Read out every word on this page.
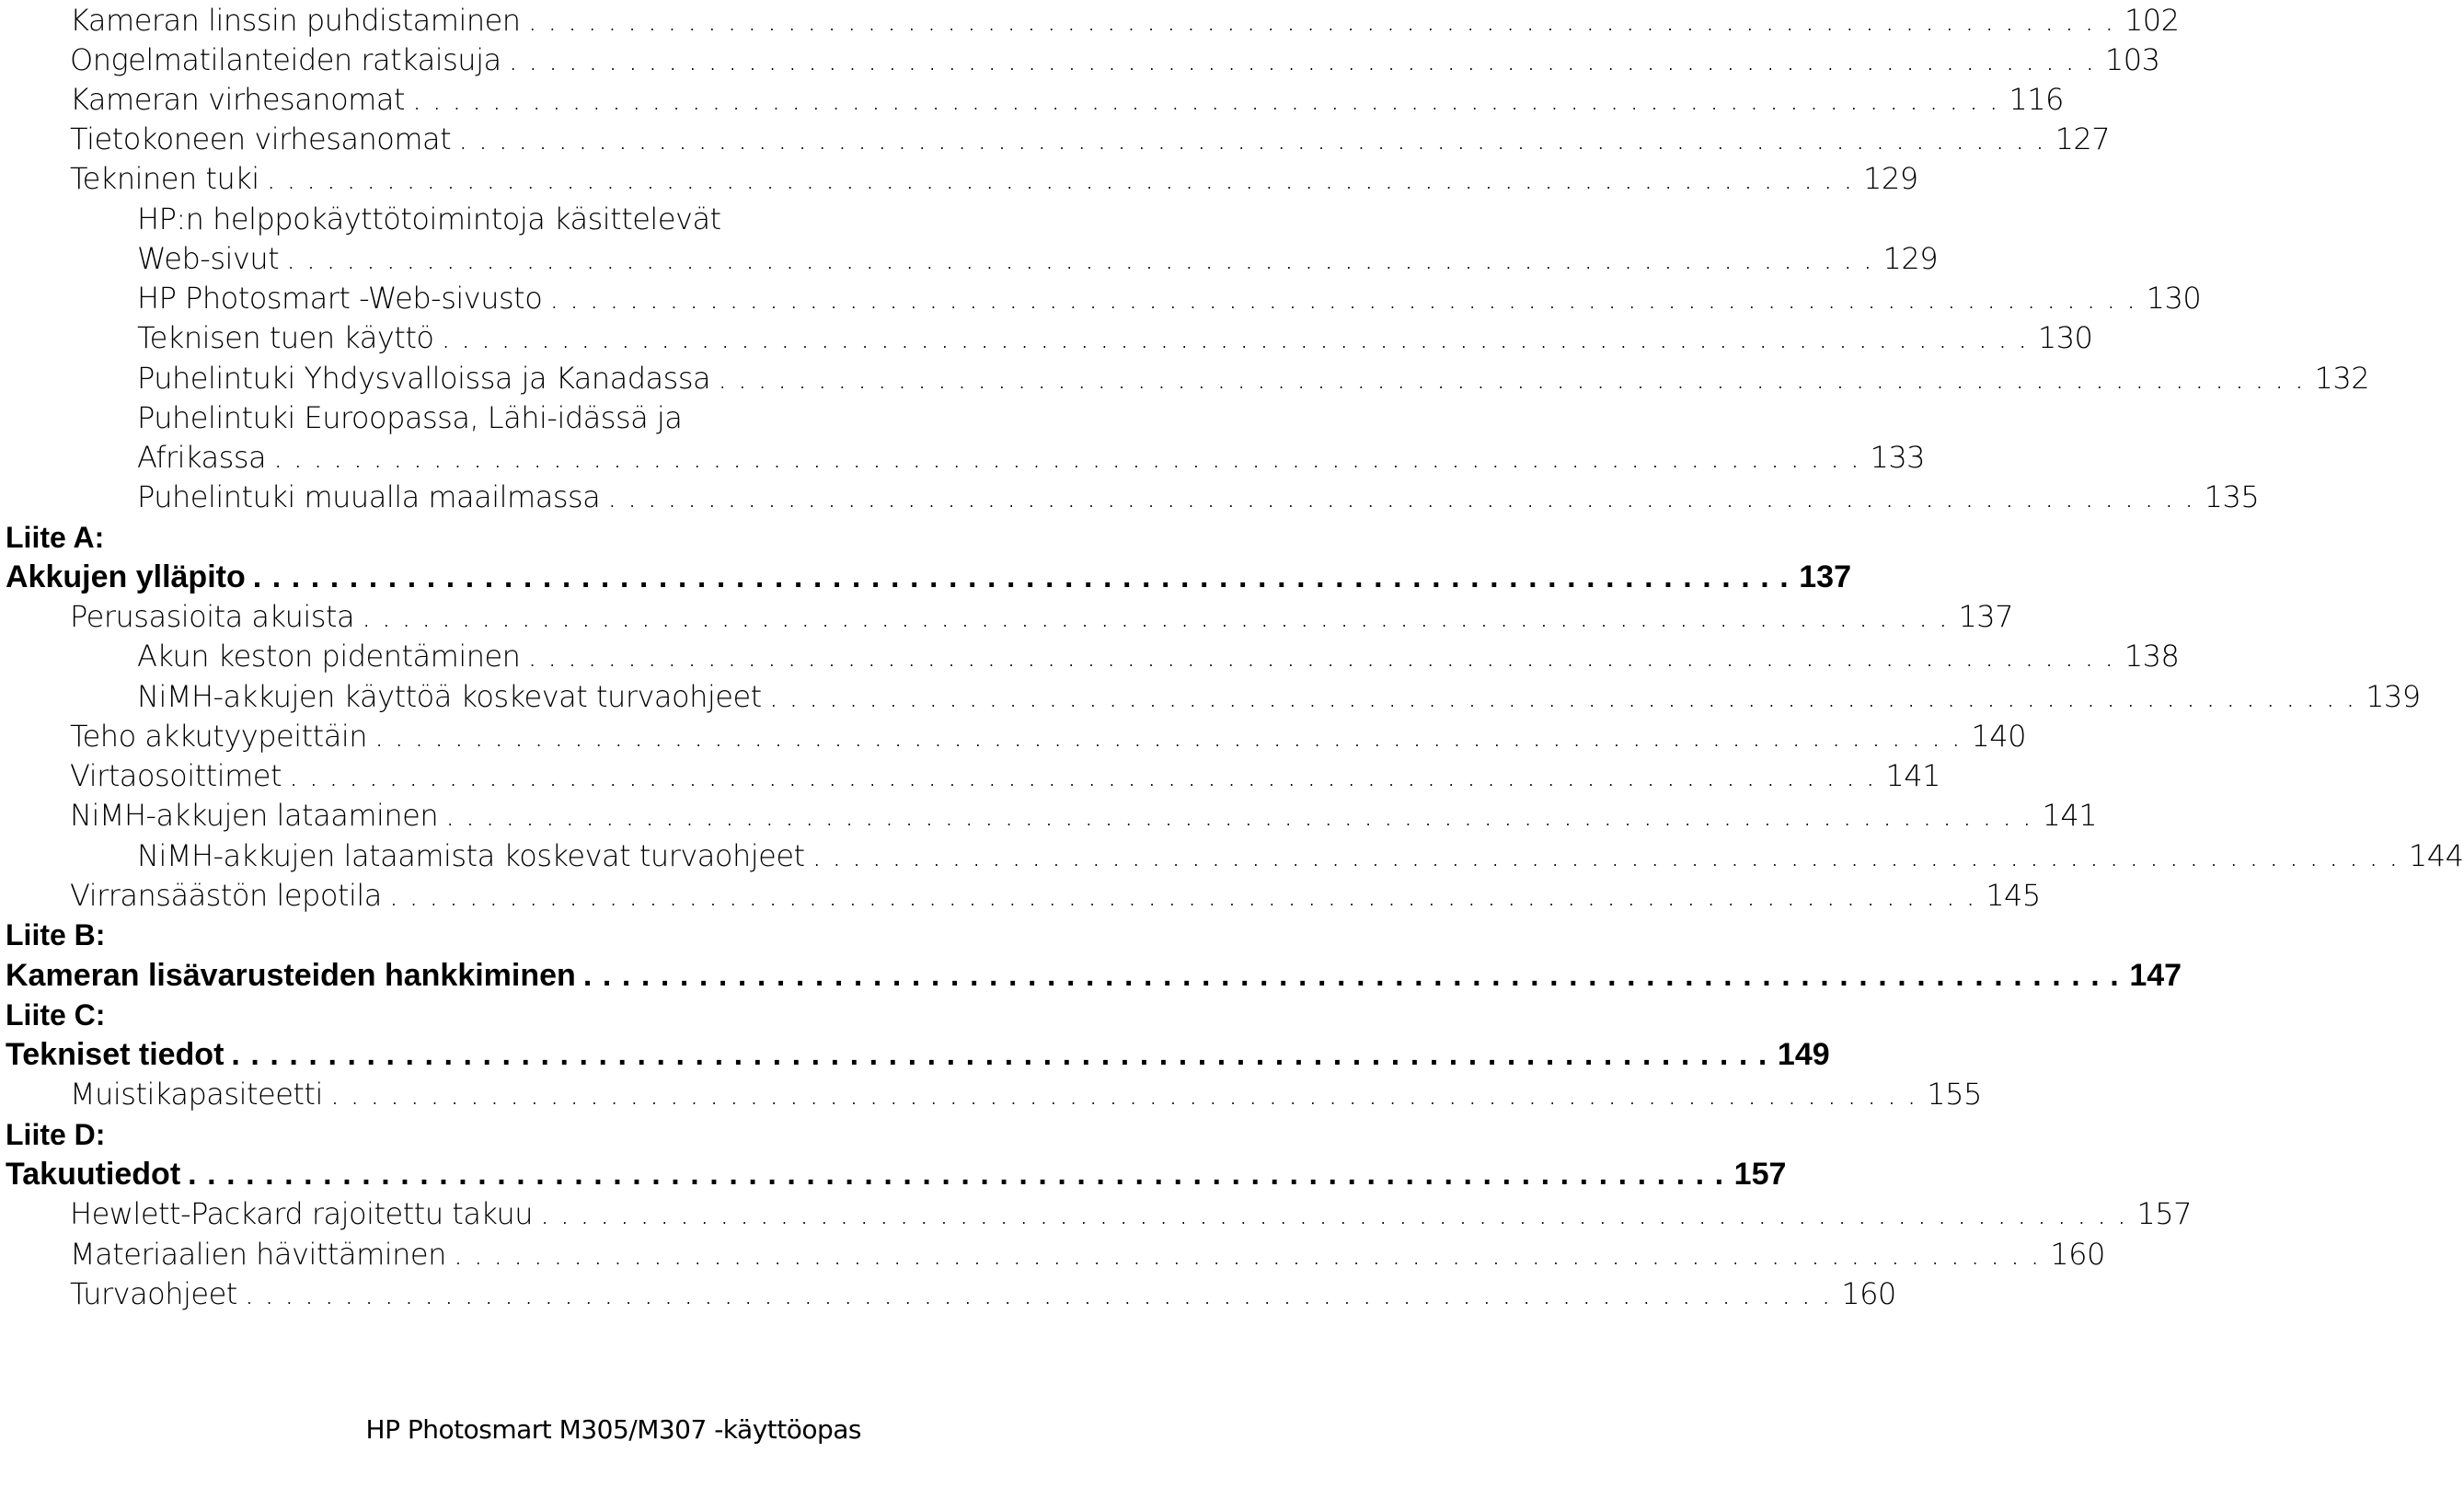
Kameran linssin puhdistaminen ................................................................................ 102
Ongelmatilanteiden ratkaisuja ................................................................................ 103
Kameran virhesanomat ................................................................................ 116
Tietokoneen virhesanomat ................................................................................ 127
Tekninen tuki ................................................................................ 129
HP:n helppokäyttötoimintoja käsittelevät
Web-sivut ................................................................................ 129
HP Photosmart -Web-sivusto ................................................................................ 130
Teknisen tuen käyttö ................................................................................ 130
Puhelintuki Yhdysvalloissa ja Kanadassa ................................................................................ 132
Puhelintuki Euroopassa, Lähi-idässä ja
Afrikassa ................................................................................ 133
Puhelintuki muualla maailmassa ................................................................................ 135
Liite A:
Akkujen ylläpito ................................................................................ 137
Perusasioita akuista ................................................................................ 137
Akun keston pidentäminen ................................................................................ 138
NiMH-akkujen käyttöä koskevat turvaohjeet ................................................................................ 139
Teho akkutyypeittäin ................................................................................ 140
Virtaosoittimet ................................................................................ 141
NiMH-akkujen lataaminen ................................................................................ 141
NiMH-akkujen lataamista koskevat turvaohjeet ................................................................................ 144
Virransäästön lepotila ................................................................................ 145
Liite B:
Kameran lisävarusteiden hankkiminen ................................................................................ 147
Liite C:
Tekniset tiedot ................................................................................ 149
Muistikapasiteetti ................................................................................ 155
Liite D:
Takuutiedot ................................................................................ 157
Hewlett-Packard rajoitettu takuu ................................................................................ 157
Materiaalien hävittäminen ................................................................................ 160
Turvaohjeet ................................................................................ 160
HP Photosmart M305/M307 -käyttöopas
